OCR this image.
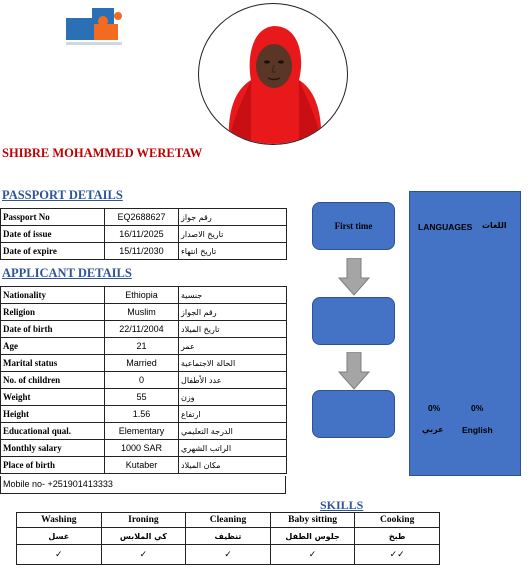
SHIBRE MOHAMMED WERETAW
PASSPORT DETAILS
Passport No	EQ2688627	رقم جواز
Date of issue	16/11/2025	تاريخ الاصدار
Date of expire	15/11/2030	تاريخ انتهاء
APPLICANT DETAILS
Nationality	Ethiopia	جنسية
Religion	Muslim	رقم الجواز
Date of birth	22/11/2004	تاريخ الميلاد
Age	21	عمر
Marital status	Married	الحالة الاجتماعية
No. of children	0	عدد الأطفال
Weight	55	وزن
Height	1.56	ارتفاع
Educational qual.	Elementary	الدرجة التعليمي
Monthly salary	1000 SAR	الراتب الشهري
Place of birth	Kutaber	مكان الميلاد
Mobile no- +251901413333
First time	LANGUAGES اللغات
0%	0%
عربي English
SKILLS
Washing	Ironing	Cleaning	Baby sitting	Cooking
غسل	كي الملابس	تنظيف	جلوس الطفل	طبخ
✓	✓	✓	✓	✓✓
